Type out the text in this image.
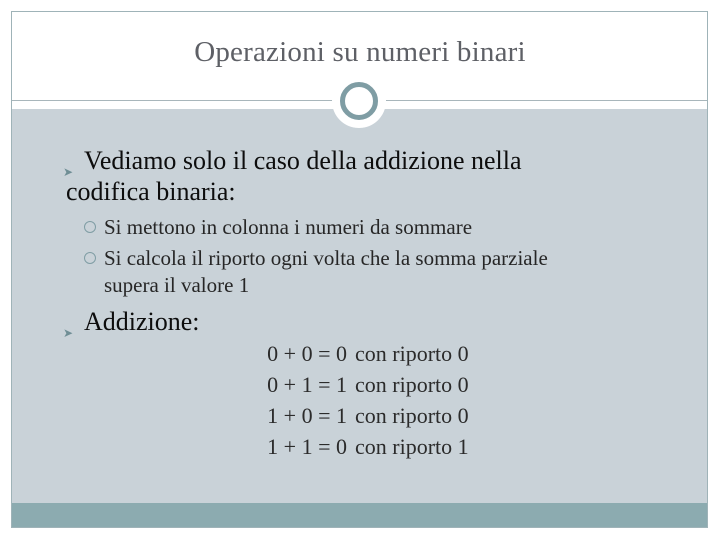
Operazioni su numeri binari
➤ Vediamo solo il caso della addizione nella
codifica binaria:
Si mettono in colonna i numeri da sommare
Si calcola il riporto ogni volta che la somma parziale
supera il valore 1
➤ Addizione:
0 + 0 = 0 con riporto 0
0 + 1 = 1 con riporto 0
1 + 0 = 1 con riporto 0
1 + 1 = 0 con riporto 1
